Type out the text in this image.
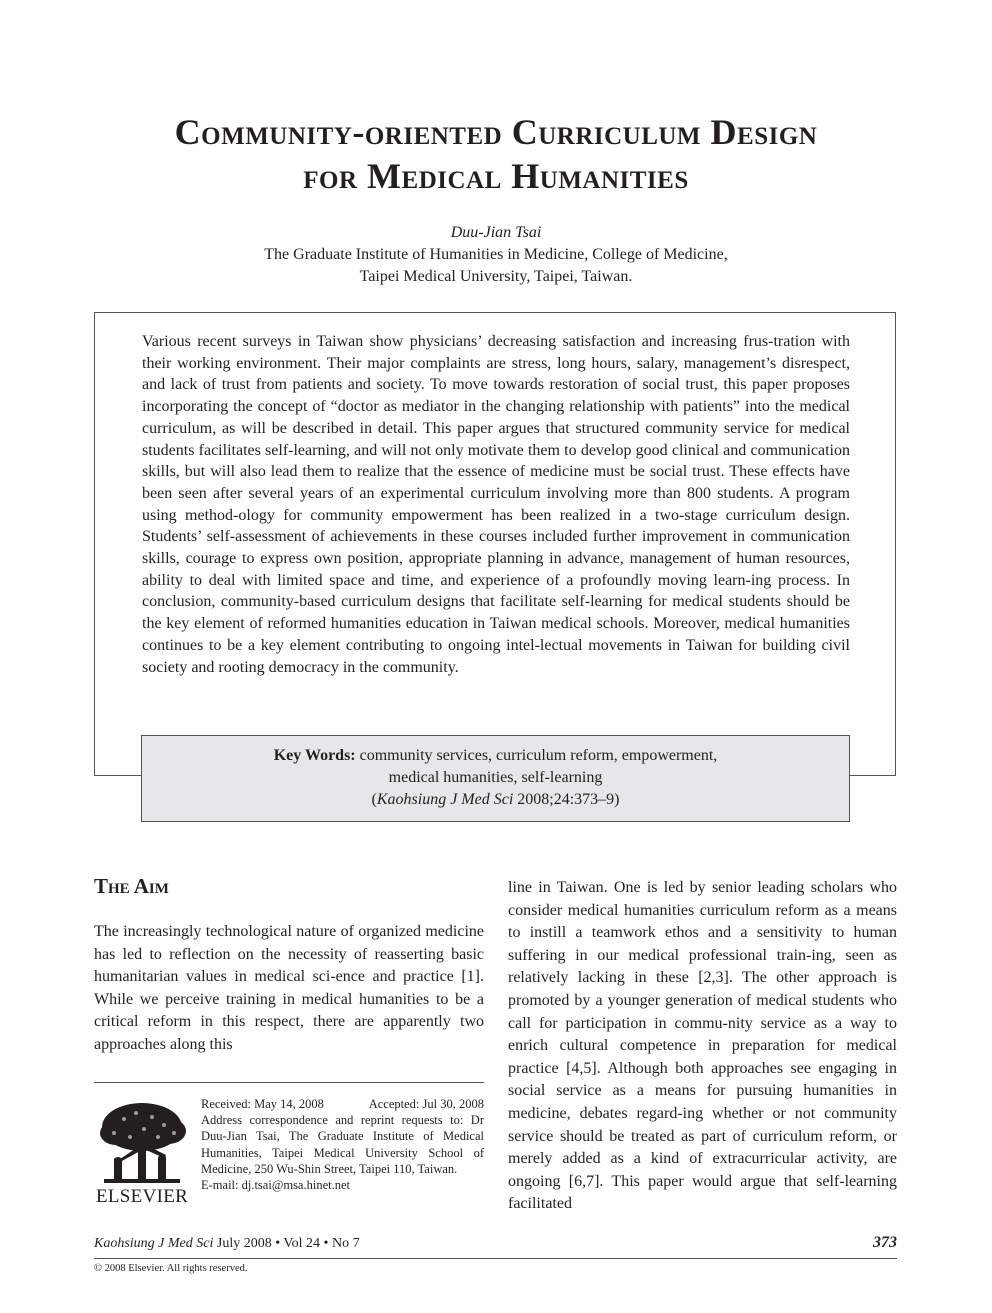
Community-oriented Curriculum Design
for Medical Humanities
Duu-Jian Tsai
The Graduate Institute of Humanities in Medicine, College of Medicine,
Taipei Medical University, Taipei, Taiwan.
Various recent surveys in Taiwan show physicians’ decreasing satisfaction and increasing frus-tration with their working environment. Their major complaints are stress, long hours, salary, management’s disrespect, and lack of trust from patients and society. To move towards restoration of social trust, this paper proposes incorporating the concept of “doctor as mediator in the changing relationship with patients” into the medical curriculum, as will be described in detail. This paper argues that structured community service for medical students facilitates self-learning, and will not only motivate them to develop good clinical and communication skills, but will also lead them to realize that the essence of medicine must be social trust. These effects have been seen after several years of an experimental curriculum involving more than 800 students. A program using method-ology for community empowerment has been realized in a two-stage curriculum design. Students’ self-assessment of achievements in these courses included further improvement in communication skills, courage to express own position, appropriate planning in advance, management of human resources, ability to deal with limited space and time, and experience of a profoundly moving learn-ing process. In conclusion, community-based curriculum designs that facilitate self-learning for medical students should be the key element of reformed humanities education in Taiwan medical schools. Moreover, medical humanities continues to be a key element contributing to ongoing intel-lectual movements in Taiwan for building civil society and rooting democracy in the community.
Key Words: community services, curriculum reform, empowerment,
medical humanities, self-learning
(Kaohsiung J Med Sci 2008;24:373–9)
The Aim
The increasingly technological nature of organized medicine has led to reflection on the necessity of reasserting basic humanitarian values in medical sci-ence and practice [1]. While we perceive training in medical humanities to be a critical reform in this respect, there are apparently two approaches along this
line in Taiwan. One is led by senior leading scholars who consider medical humanities curriculum reform as a means to instill a teamwork ethos and a sensitivity to human suffering in our medical professional train-ing, seen as relatively lacking in these [2,3]. The other approach is promoted by a younger generation of medical students who call for participation in commu-nity service as a way to enrich cultural competence in preparation for medical practice [4,5]. Although both approaches see engaging in social service as a means for pursuing humanities in medicine, debates regard-ing whether or not community service should be treated as part of curriculum reform, or merely added as a kind of extracurricular activity, are ongoing [6,7]. This paper would argue that self-learning facilitated
ELSEVIER
Received: May 14, 2008	Accepted: Jul 30, 2008
Address correspondence and reprint requests to: Dr Duu-Jian Tsai, The Graduate Institute of Medical Humanities, Taipei Medical University School of Medicine, 250 Wu-Shin Street, Taipei 110, Taiwan.
E-mail: dj.tsai@msa.hinet.net
Kaohsiung J Med Sci July 2008 • Vol 24 • No 7	373
© 2008 Elsevier. All rights reserved.
